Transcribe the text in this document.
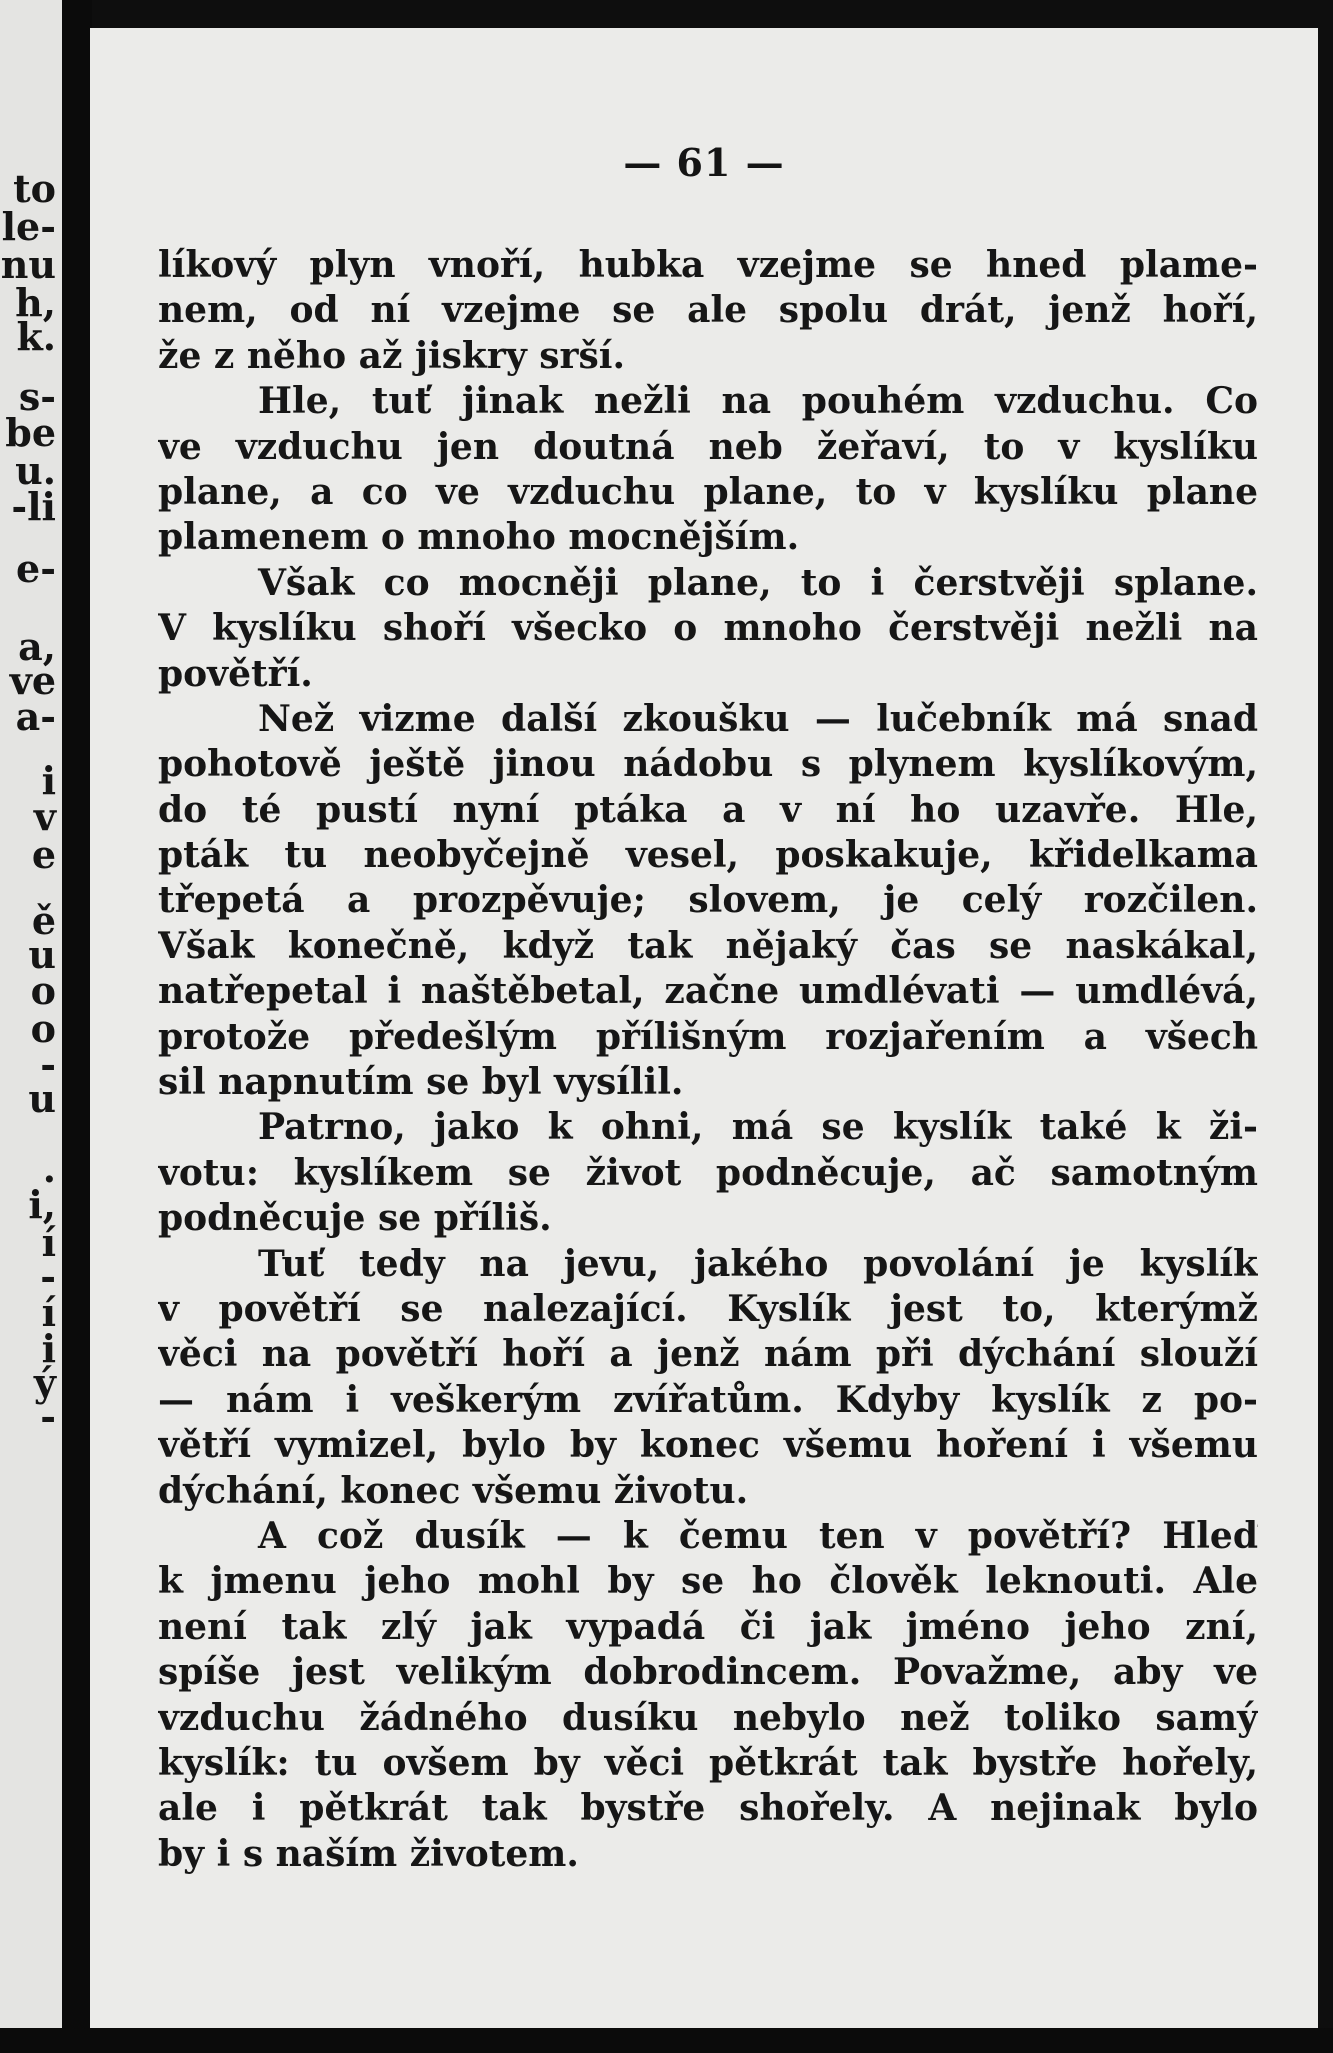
to
le-
nu
h,
k.
s-
be
u.
-li
e-
a,
ve
a-
i
v
e
ě
u
o
o
-
u
.
i,
í
-
í
i
ý
-
— 61 —
líkový plyn vnoří, hubka vzejme se hned plame-
nem, od ní vzejme se ale spolu drát, jenž hoří,
že z něho až jiskry srší.
Hle, tuť jinak nežli na pouhém vzduchu. Co
ve vzduchu jen doutná neb žeřaví, to v kyslíku
plane, a co ve vzduchu plane, to v kyslíku plane
plamenem o mnoho mocnějším.
Však co mocněji plane, to i čerstvěji splane.
V kyslíku shoří všecko o mnoho čerstvěji nežli na
povětří.
Než vizme další zkoušku — lučebník má snad
pohotově ještě jinou nádobu s plynem kyslíkovým,
do té pustí nyní ptáka a v ní ho uzavře. Hle,
pták tu neobyčejně vesel, poskakuje, křidelkama
třepetá a prozpěvuje; slovem, je celý rozčilen.
Však konečně, když tak nějaký čas se naskákal,
natřepetal i naštěbetal, začne umdlévati — umdlévá,
protože předešlým přílišným rozjařením a všech
sil napnutím se byl vysílil.
Patrno, jako k ohni, má se kyslík také k ži-
votu: kyslíkem se život podněcuje, ač samotným
podněcuje se příliš.
Tuť tedy na jevu, jakého povolání je kyslík
v povětří se nalezající. Kyslík jest to, kterýmž
věci na povětří hoří a jenž nám při dýchání slouží
— nám i veškerým zvířatům. Kdyby kyslík z po-
větří vymizel, bylo by konec všemu hoření i všemu
dýchání, konec všemu životu.
A což dusík — k čemu ten v povětří? Hleď
k jmenu jeho mohl by se ho člověk leknouti. Ale
není tak zlý jak vypadá či jak jméno jeho zní,
spíše jest velikým dobrodincem. Považme, aby ve
vzduchu žádného dusíku nebylo než toliko samý
kyslík: tu ovšem by věci pětkrát tak bystře hořely,
ale i pětkrát tak bystře shořely. A nejinak bylo
by i s naším životem.
